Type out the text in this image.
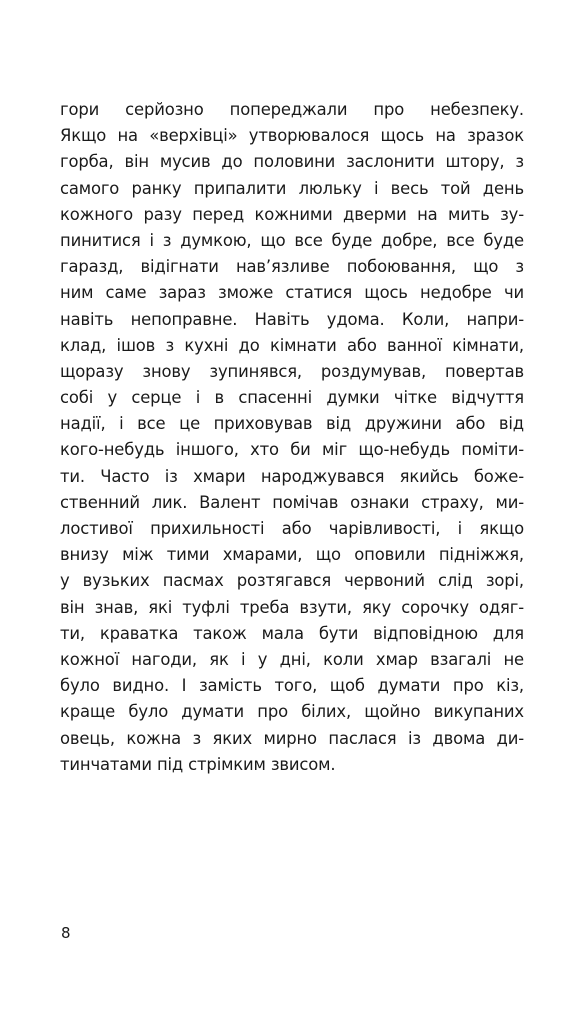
гори серйозно попереджали про небезпеку.
Якщо на «верхівці» утворювалося щось на зразок
горба, він мусив до половини заслонити штору, з
самого ранку припалити люльку і весь той день
кожного разу перед кожними дверми на мить зу-
пинитися і з думкою, що все буде добре, все буде
гаразд, відігнати нав’язливе побоювання, що з
ним саме зараз зможе статися щось недобре чи
навіть непоправне. Навіть удома. Коли, напри-
клад, ішов з кухні до кімнати або ванної кімнати,
щоразу знову зупинявся, роздумував, повертав
собі у серце і в спасенні думки чітке відчуття
надії, і все це приховував від дружини або від
кого-небудь іншого, хто би міг що-небудь поміти-
ти. Часто із хмари народжувався якийсь боже-
ственний лик. Валент помічав ознаки страху, ми-
лостивої прихильності або чарівливості, і якщо
внизу між тими хмарами, що оповили підніжжя,
у вузьких пасмах розтягався червоний слід зорі,
він знав, які туфлі треба взути, яку сорочку одяг-
ти, краватка також мала бути відповідною для
кожної нагоди, як і у дні, коли хмар взагалі не
було видно. І замість того, щоб думати про кіз,
краще було думати про білих, щойно викупаних
овець, кожна з яких мирно паслася із двома ди-
тинчатами під стрімким звисом.
8
